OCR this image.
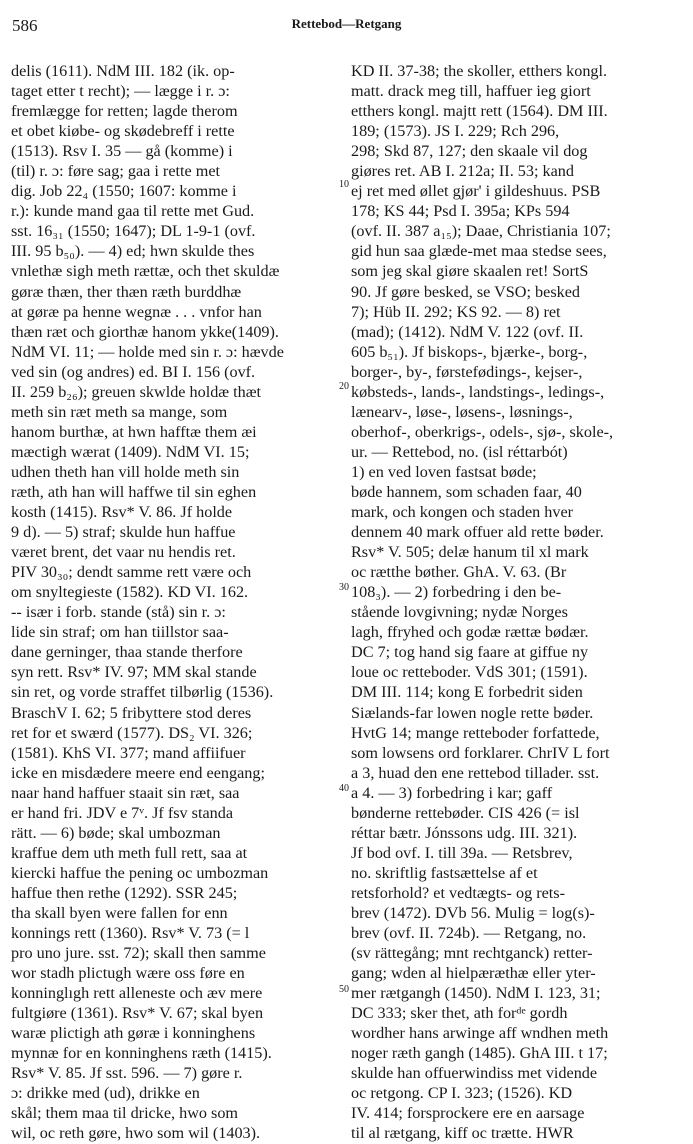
586	Rettebod—Retgang
10
20
30
40
50
delis (1611). NdM III. 182 (ik. op-
taget etter t recht); — lægge i r. ɔ:
fremlægge for retten; lagde therom
et obet kiøbe- og skødebreff i rette
(1513). Rsv I. 35 — gå (komme) i
(til) r. ɔ: føre sag; gaa i rette met
dig. Job 22₄ (1550; 1607: komme i
r.): kunde mand gaa til rette met Gud.
sst. 16₃₁ (1550; 1647); DL 1-9-1 (ovf.
III. 95 b₅₀). — 4) ed; hwn skulde thes
vnlethæ sigh meth rættæ, och thet skuldæ
gøræ thæn, ther thæn ræth burddhæ
at gøræ pa henne wegnæ . . . vnfor han
thæn ræt och giorthæ hanom ykke(1409).
NdM VI. 11; — holde med sin r. ɔ: hævde
ved sin (og andres) ed. BI I. 156 (ovf.
II. 259 b₂₆); greuen skwlde holdæ thæt
meth sin ræt meth sa mange, som
hanom burthæ, at hwn hafftæ them æi
mæctigh wærat (1409). NdM VI. 15;
udhen theth han vill holde meth sin
ræth, ath han will haffwe til sin eghen
kosth (1415). Rsv* V. 86. Jf holde
9 d). — 5) straf; skulde hun haffue
været brent, det vaar nu hendis ret.
PIV 30₃₀; dendt samme rett være och
om snyltegieste (1582). KD VI. 162.
-- især i forb. stande (stå) sin r. ɔ:
lide sin straf; om han tiillstor saa-
dane gerninger, thaa stande therfore
syn rett. Rsv* IV. 97; MM skal stande
sin ret, og vorde straffet tilbørlig (1536).
BraschV I. 62; 5 fribyttere stod deres
ret for et swærd (1577). DS₂ VI. 326;
(1581). KhS VI. 377; mand affiifuer
icke en misdædere meere end eengang;
naar hand haffuer staait sin ræt, saa
er hand fri. JDV e 7ᵛ. Jf fsv standa
rätt. — 6) bøde; skal umbozman
kraffue dem uth meth full rett, saa at
kiercki haffue the pening oc umbozman
haffue then rethe (1292). SSR 245;
tha skall byen were fallen for enn
konnings rett (1360). Rsv* V. 73 (= l
pro uno jure. sst. 72); skall then samme
wor stadh plictugh wære oss føre en
konninglıgh rett alleneste och æv mere
fultgiøre (1361). Rsv* V. 67; skal byen
waræ plictigh ath gøræ i konninghens
mynnæ for en konninghens ræth (1415).
Rsv* V. 85. Jf sst. 596. — 7) gøre r.
ɔ: drikke med (ud), drikke en
skål; them maa til dricke, hwo som
wil, oc reth gøre, hwo som wil (1403).
KD II. 37-38; the skoller, etthers kongl.
matt. drack meg till, haffuer ieg giort
etthers kongl. majtt rett (1564). DM III.
189; (1573). JS I. 229; Rch 296,
298; Skd 87, 127; den skaale vil dog
giøres ret. AB I. 212a; II. 53; kand
ej ret med øllet gjør' i gildeshuus. PSB
178; KS 44; Psd I. 395a; KPs 594
(ovf. II. 387 a₁₅); Daae, Christiania 107;
gid hun saa glæde-met maa stedse sees,
som jeg skal giøre skaalen ret! SortS
90. Jf gøre besked, se VSO; besked
7); Hüb II. 292; KS 92. — 8) ret
(mad); (1412). NdM V. 122 (ovf. II.
605 b₅₁). Jf biskops-, bjærke-, borg-,
borger-, by-, førstefødings-, kejser-,
købsteds-, lands-, landstings-, ledings-,
lænearv-, løse-, løsens-, løsnings-,
oberhof-, oberkrigs-, odels-, sjø-, skole-,
ur. — Rettebod, no. (isl réttarbót)
1) en ved loven fastsat bøde;
bøde hannem, som schaden faar, 40
mark, och kongen och staden hver
dennem 40 mark offuer ald rette bøder.
Rsv* V. 505; delæ hanum til xl mark
oc rætthe bøther. GhA. V. 63. (Br
108₃). — 2) forbedring i den be-
stående lovgivning; nydæ Norges
lagh, ffryhed och godæ rættæ bødær.
DC 7; tog hand sig faare at giffue ny
loue oc retteboder. VdS 301; (1591).
DM III. 114; kong E forbedrit siden
Siælands-far lowen nogle rette bøder.
HvtG 14; mange retteboder forfattede,
som lowsens ord forklarer. ChrIV L fort
a 3, huad den ene rettebod tillader. sst.
a 4. — 3) forbedring i kar; gaff
bønderne rettebøder. CIS 426 (= isl
réttar bætr. Jónssons udg. III. 321).
Jf bod ovf. I. till 39a. — Retsbrev,
no. skriftlig fastsættelse af et
retsforhold? et vedtægts- og rets-
brev (1472). DVb 56. Mulig = log(s)-
brev (ovf. II. 724b). — Retgang, no.
(sv rättegång; mnt rechtganck) retter-
gang; wden al hielpæræthæ eller yter-
mer rætgangh (1450). NdM I. 123, 31;
DC 333; sker thet, ath forᵈᵉ gordh
wordher hans arwinge aff wndhen meth
noger ræth gangh (1485). GhA III. t 17;
skulde han offuerwindiss met vidende
oc retgong. CP I. 323; (1526). KD
IV. 414; forsprockere ere en aarsage
til al rætgang, kiff oc trætte. HWR
